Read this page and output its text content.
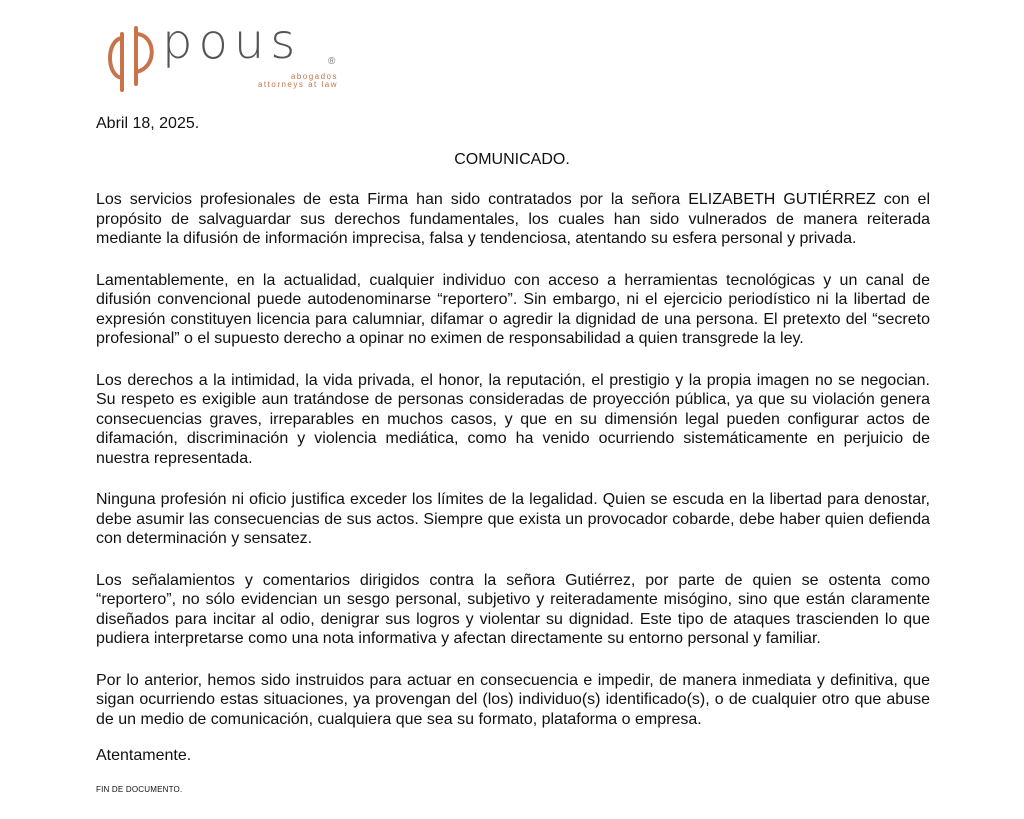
pous	®
abogados
attorneys at law
Abril 18, 2025.
COMUNICADO.

Los servicios profesionales de esta Firma han sido contratados por la señora ELIZABETH GUTIÉRREZ con el propósito de salvaguardar sus derechos fundamentales, los cuales han sido vulnerados de manera reiterada mediante la difusión de información imprecisa, falsa y tendenciosa, atentando su esfera personal y privada.

Lamentablemente, en la actualidad, cualquier individuo con acceso a herramientas tecnológicas y un canal de difusión convencional puede autodenominarse “reportero”. Sin embargo, ni el ejercicio periodístico ni la libertad de expresión constituyen licencia para calumniar, difamar o agredir la dignidad de una persona. El pretexto del “secreto profesional” o el supuesto derecho a opinar no eximen de responsabilidad a quien transgrede la ley.

Los derechos a la intimidad, la vida privada, el honor, la reputación, el prestigio y la propia imagen no se negocian. Su respeto es exigible aun tratándose de personas consideradas de proyección pública, ya que su violación genera consecuencias graves, irreparables en muchos casos, y que en su dimensión legal pueden configurar actos de difamación, discriminación y violencia mediática, como ha venido ocurriendo sistemáticamente en perjuicio de nuestra representada.

Ninguna profesión ni oficio justifica exceder los límites de la legalidad. Quien se escuda en la libertad para denostar, debe asumir las consecuencias de sus actos. Siempre que exista un provocador cobarde, debe haber quien defienda con determinación y sensatez.

Los señalamientos y comentarios dirigidos contra la señora Gutiérrez, por parte de quien se ostenta como “reportero”, no sólo evidencian un sesgo personal, subjetivo y reiteradamente misógino, sino que están claramente diseñados para incitar al odio, denigrar sus logros y violentar su dignidad. Este tipo de ataques trascienden lo que pudiera interpretarse como una nota informativa y afectan directamente su entorno personal y familiar.

Por lo anterior, hemos sido instruidos para actuar en consecuencia e impedir, de manera inmediata y definitiva, que sigan ocurriendo estas situaciones, ya provengan del (los) individuo(s) identificado(s), o de cualquier otro que abuse de un medio de comunicación, cualquiera que sea su formato, plataforma o empresa.

Atentamente.
FIN DE DOCUMENTO.
